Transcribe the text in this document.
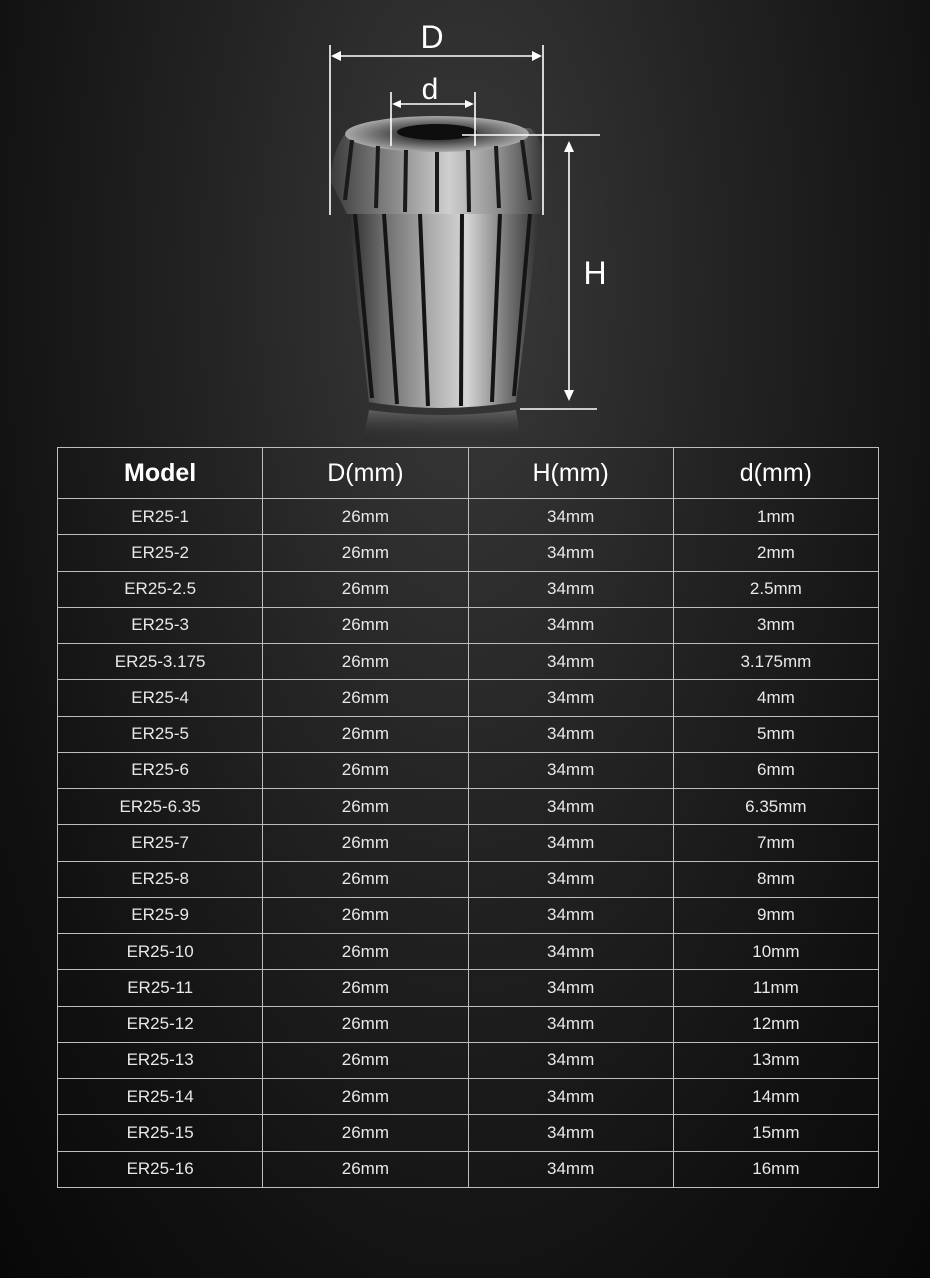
D
d
H
Model	D(mm)	H(mm)	d(mm)
ER25-1	26mm	34mm	1mm
ER25-2	26mm	34mm	2mm
ER25-2.5	26mm	34mm	2.5mm
ER25-3	26mm	34mm	3mm
ER25-3.175	26mm	34mm	3.175mm
ER25-4	26mm	34mm	4mm
ER25-5	26mm	34mm	5mm
ER25-6	26mm	34mm	6mm
ER25-6.35	26mm	34mm	6.35mm
ER25-7	26mm	34mm	7mm
ER25-8	26mm	34mm	8mm
ER25-9	26mm	34mm	9mm
ER25-10	26mm	34mm	10mm
ER25-11	26mm	34mm	11mm
ER25-12	26mm	34mm	12mm
ER25-13	26mm	34mm	13mm
ER25-14	26mm	34mm	14mm
ER25-15	26mm	34mm	15mm
ER25-16	26mm	34mm	16mm
